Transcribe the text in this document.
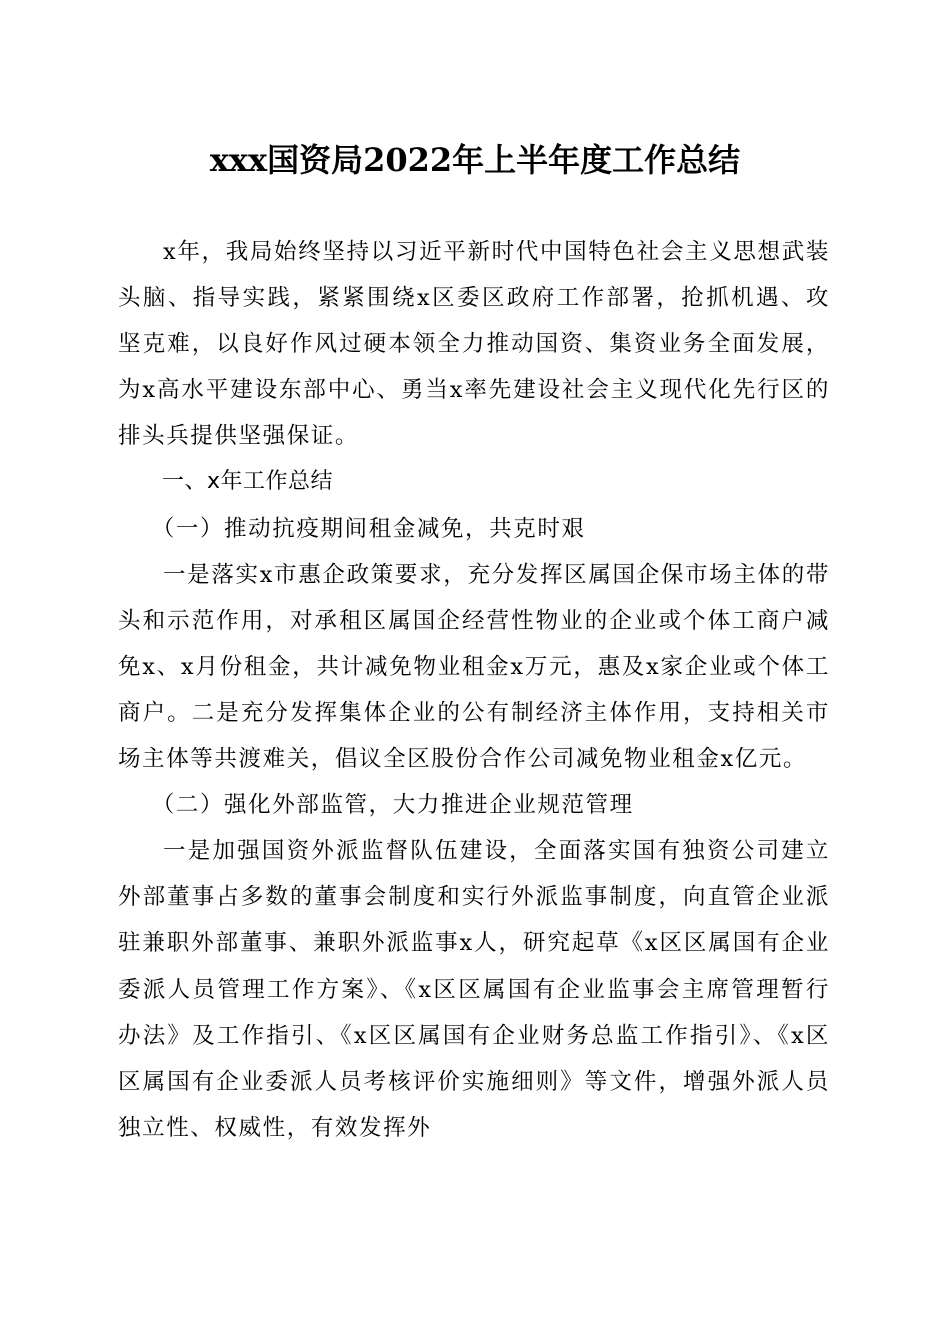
xxx国资局2022年上半年度工作总结

x年，我局始终坚持以习近平新时代中国特色社会主义思想武装头脑、指导实践，紧紧围绕x区委区政府工作部署，抢抓机遇、攻坚克难，以良好作风过硬本领全力推动国资、集资业务全面发展，为x高水平建设东部中心、勇当x率先建设社会主义现代化先行区的排头兵提供坚强保证。

一、x年工作总结

（一）推动抗疫期间租金减免，共克时艰

一是落实x市惠企政策要求，充分发挥区属国企保市场主体的带头和示范作用，对承租区属国企经营性物业的企业或个体工商户减免x、x月份租金，共计减免物业租金x万元，惠及x家企业或个体工商户。二是充分发挥集体企业的公有制经济主体作用，支持相关市场主体等共渡难关，倡议全区股份合作公司减免物业租金x亿元。

（二）强化外部监管，大力推进企业规范管理

一是加强国资外派监督队伍建设，全面落实国有独资公司建立外部董事占多数的董事会制度和实行外派监事制度，向直管企业派驻兼职外部董事、兼职外派监事x人，研究起草《x区区属国有企业委派人员管理工作方案》、《x区区属国有企业监事会主席管理暂行办法》及工作指引、《x区区属国有企业财务总监工作指引》、《x区区属国有企业委派人员考核评价实施细则》等文件，增强外派人员独立性、权威性，有效发挥外
